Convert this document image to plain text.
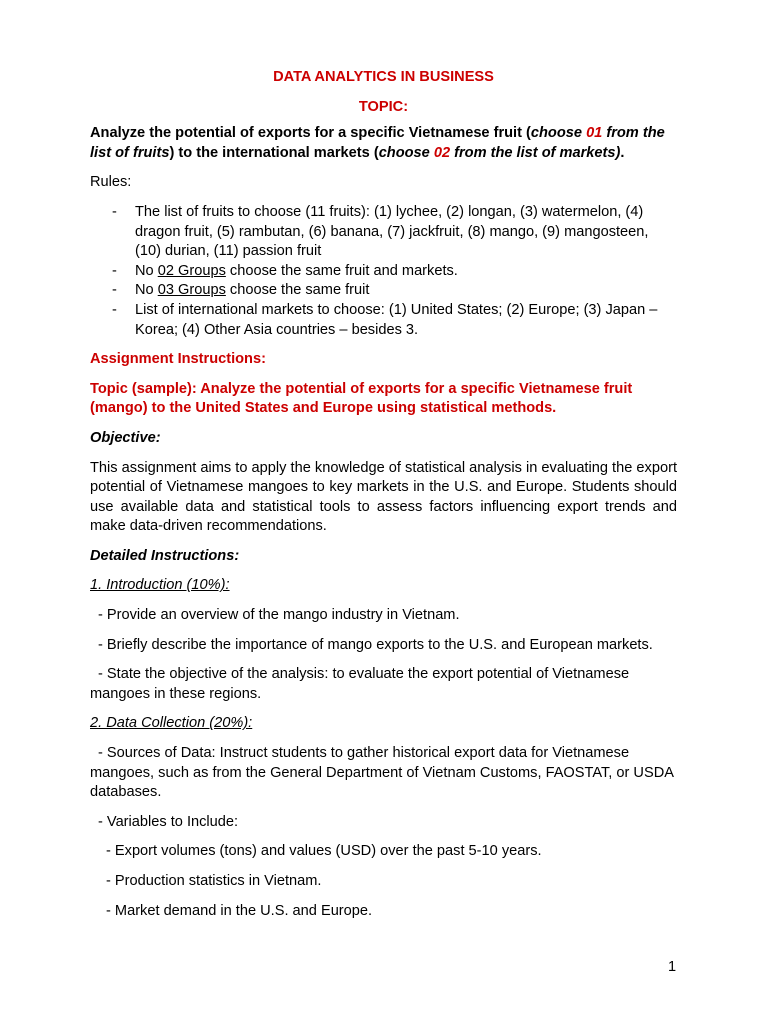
DATA ANALYTICS IN BUSINESS

TOPIC:

Analyze the potential of exports for a specific Vietnamese fruit (choose 01 from the list of fruits) to the international markets (choose 02 from the list of markets).

Rules:

- The list of fruits to choose (11 fruits): (1) lychee, (2) longan, (3) watermelon, (4) dragon fruit, (5) rambutan, (6) banana, (7) jackfruit, (8) mango, (9) mangosteen, (10) durian, (11) passion fruit
- No 02 Groups choose the same fruit and markets.
- No 03 Groups choose the same fruit
- List of international markets to choose: (1) United States; (2) Europe; (3) Japan – Korea; (4) Other Asia countries – besides 3.

Assignment Instructions:

Topic (sample): Analyze the potential of exports for a specific Vietnamese fruit (mango) to the United States and Europe using statistical methods.

Objective:

This assignment aims to apply the knowledge of statistical analysis in evaluating the export potential of Vietnamese mangoes to key markets in the U.S. and Europe. Students should use available data and statistical tools to assess factors influencing export trends and make data-driven recommendations.

Detailed Instructions:

1. Introduction (10%):

- Provide an overview of the mango industry in Vietnam.

- Briefly describe the importance of mango exports to the U.S. and European markets.

- State the objective of the analysis: to evaluate the export potential of Vietnamese mangoes in these regions.

2. Data Collection (20%):

- Sources of Data: Instruct students to gather historical export data for Vietnamese mangoes, such as from the General Department of Vietnam Customs, FAOSTAT, or USDA databases.

- Variables to Include:

- Export volumes (tons) and values (USD) over the past 5-10 years.

- Production statistics in Vietnam.

- Market demand in the U.S. and Europe.

1
